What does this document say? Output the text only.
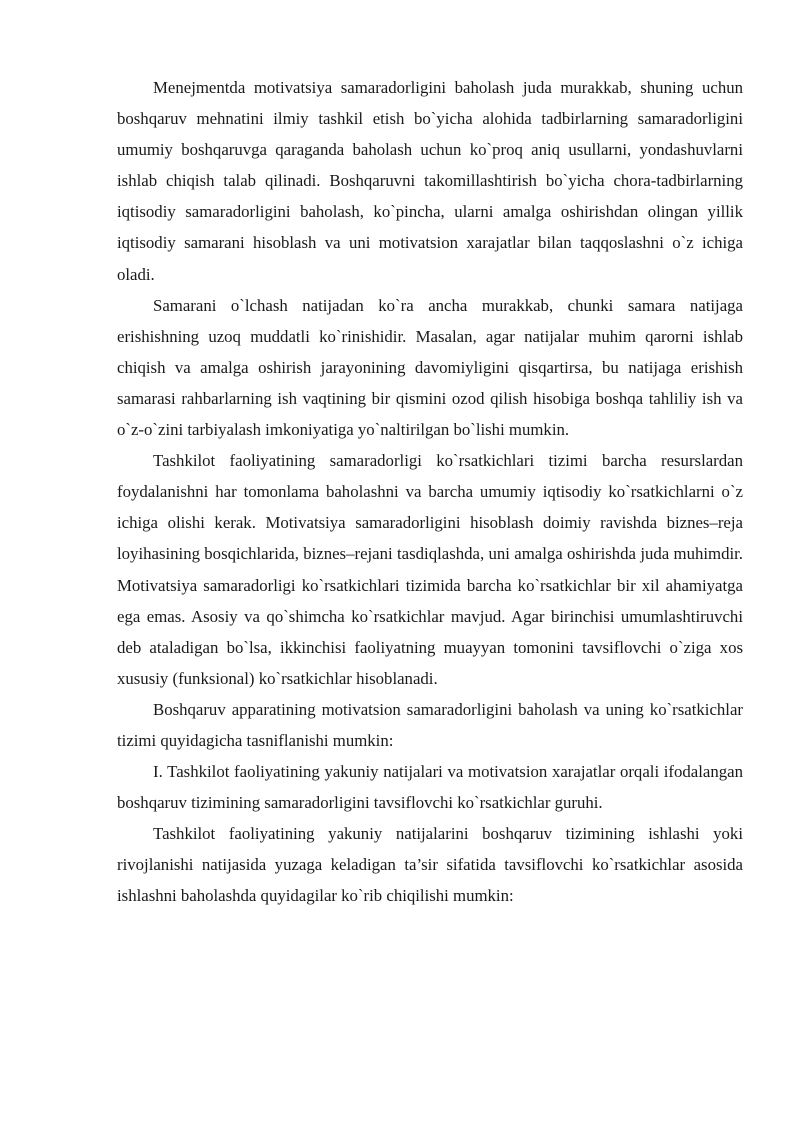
Menejmentda motivatsiya samaradorligini baholash juda murakkab, shuning uchun boshqaruv mehnatini ilmiy tashkil etish bo`yicha alohida tadbirlarning samaradorligini umumiy boshqaruvga qaraganda baholash uchun ko`proq aniq usullarni, yondashuvlarni ishlab chiqish talab qilinadi. Boshqaruvni takomillashtirish bo`yicha chora-tadbirlarning iqtisodiy samaradorligini baholash, ko`pincha, ularni amalga oshirishdan olingan yillik iqtisodiy samarani hisoblash va uni motivatsion xarajatlar bilan taqqoslashni o`z ichiga oladi.

Samarani o`lchash natijadan ko`ra ancha murakkab, chunki samara natijaga erishishning uzoq muddatli ko`rinishidir. Masalan, agar natijalar muhim qarorni ishlab chiqish va amalga oshirish jarayonining davomiyligini qisqartirsa, bu natijaga erishish samarasi rahbarlarning ish vaqtining bir qismini ozod qilish hisobiga boshqa tahliliy ish va o`z-o`zini tarbiyalash imkoniyatiga yo`naltirilgan bo`lishi mumkin.

Tashkilot faoliyatining samaradorligi ko`rsatkichlari tizimi barcha resurslardan foydalanishni har tomonlama baholashni va barcha umumiy iqtisodiy ko`rsatkichlarni o`z ichiga olishi kerak. Motivatsiya samaradorligini hisoblash doimiy ravishda biznes–reja loyihasining bosqichlarida, biznes–rejani tasdiqlashda, uni amalga oshirishda juda muhimdir. Motivatsiya samaradorligi ko`rsatkichlari tizimida barcha ko`rsatkichlar bir xil ahamiyatga ega emas. Asosiy va qo`shimcha ko`rsatkichlar mavjud. Agar birinchisi umumlashtiruvchi deb ataladigan bo`lsa, ikkinchisi faoliyatning muayyan tomonini tavsiflovchi o`ziga xos xususiy (funksional) ko`rsatkichlar hisoblanadi.

Boshqaruv apparatining motivatsion samaradorligini baholash va uning ko`rsatkichlar tizimi quyidagicha tasniflanishi mumkin:

I. Tashkilot faoliyatining yakuniy natijalari va motivatsion xarajatlar orqali ifodalangan boshqaruv tizimining samaradorligini tavsiflovchi ko`rsatkichlar guruhi.

Tashkilot faoliyatining yakuniy natijalarini boshqaruv tizimining ishlashi yoki rivojlanishi natijasida yuzaga keladigan ta’sir sifatida tavsiflovchi ko`rsatkichlar asosida ishlashni baholashda quyidagilar ko`rib chiqilishi mumkin:
